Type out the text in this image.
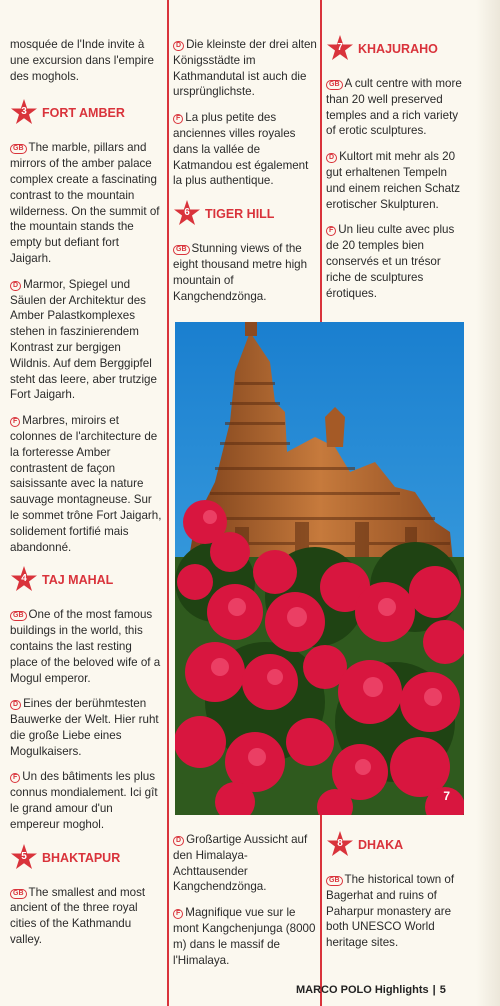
mosquée de l'Inde invite à une excursion dans l'empire des moghols.

3	FORT AMBER

GB The marble, pillars and mirrors of the amber palace complex create a fascinating contrast to the mountain wilderness. On the summit of the mountain stands the empty but defiant fort Jaigarh.

D Marmor, Spiegel und Säulen der Architektur des Amber Palastkomplexes stehen in faszinierendem Kontrast zur bergigen Wildnis. Auf dem Berggipfel steht das leere, aber trutzige Fort Jaigarh.

F Marbres, miroirs et colonnes de l'architecture de la forteresse Amber contrastent de façon saisissante avec la nature sauvage montagneuse. Sur le sommet trône Fort Jaigarh, solidement fortifié mais abandonné.

4	TAJ MAHAL

GB One of the most famous buildings in the world, this contains the last resting place of the beloved wife of a Mogul emperor.

D Eines der berühmtesten Bauwerke der Welt. Hier ruht die große Liebe eines Mogulkaisers.

F Un des bâtiments les plus connus mondialement. Ici gît le grand amour d'un empereur moghol.

5	BHAKTAPUR

GB The smallest and most ancient of the three royal cities of the Kathmandu valley.

D Die kleinste der drei alten Königsstädte im Kathmandutal ist auch die ursprünglichste.

F La plus petite des anciennes villes royales dans la vallée de Katmandou est également la plus authentique.

6	TIGER HILL

GB Stunning views of the eight thousand metre high mountain of Kangchendzönga.

D Großartige Aussicht auf den Himalaya- Achttausender Kangchendzönga.

F Magnifique vue sur le mont Kangchenjunga (8000 m) dans le massif de l'Himalaya.

7	KHAJURAHO

GB A cult centre with more than 20 well preserved temples and a rich variety of erotic sculptures.

D Kultort mit mehr als 20 gut erhaltenen Tempeln und einem reichen Schatz erotischer Skulpturen.

F Un lieu culte avec plus de 20 temples bien conservés et un trésor riche de sculptures érotiques.

8	DHAKA

GB The historical town of Bagerhat and ruins of Paharpur monastery are both UNESCO World heritage sites.

7
MARCO POLO Highlights | 5
